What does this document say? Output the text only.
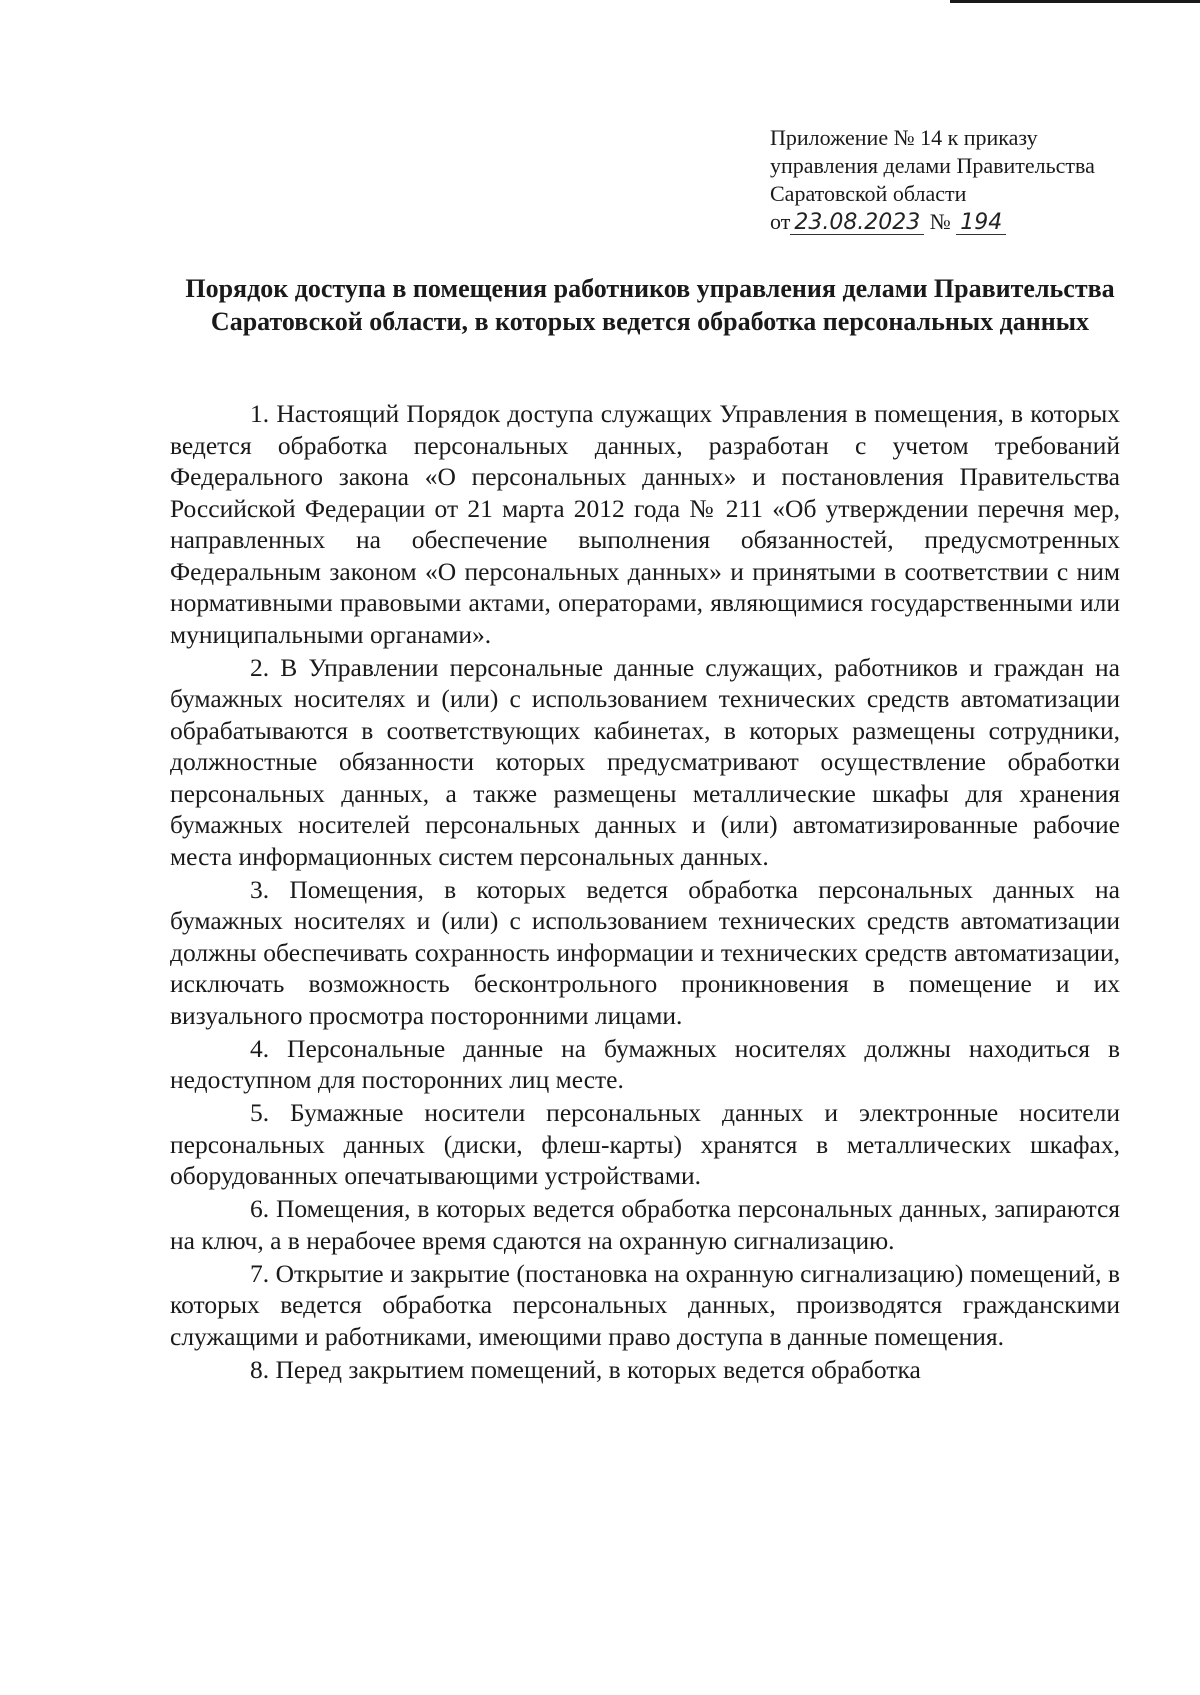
Приложение № 14 к приказу
управления делами Правительства
Саратовской области
от 23.08.2023 № 194
Порядок доступа в помещения работников управления делами Правительства Саратовской области, в которых ведется обработка персональных данных

1. Настоящий Порядок доступа служащих Управления в помещения, в которых ведется обработка персональных данных, разработан с учетом требований Федерального закона «О персональных данных» и постановления Правительства Российской Федерации от 21 марта 2012 года № 211 «Об утверждении перечня мер, направленных на обеспечение выполнения обязанностей, предусмотренных Федеральным законом «О персональных данных» и принятыми в соответствии с ним нормативными правовыми актами, операторами, являющимися государственными или муниципальными органами».

2. В Управлении персональные данные служащих, работников и граждан на бумажных носителях и (или) с использованием технических средств автоматизации обрабатываются в соответствующих кабинетах, в которых размещены сотрудники, должностные обязанности которых предусматривают осуществление обработки персональных данных, а также размещены металлические шкафы для хранения бумажных носителей персональных данных и (или) автоматизированные рабочие места информационных систем персональных данных.

3. Помещения, в которых ведется обработка персональных данных на бумажных носителях и (или) с использованием технических средств автоматизации должны обеспечивать сохранность информации и технических средств автоматизации, исключать возможность бесконтрольного проникновения в помещение и их визуального просмотра посторонними лицами.

4. Персональные данные на бумажных носителях должны находиться в недоступном для посторонних лиц месте.

5. Бумажные носители персональных данных и электронные носители персональных данных (диски, флеш-карты) хранятся в металлических шкафах, оборудованных опечатывающими устройствами.

6. Помещения, в которых ведется обработка персональных данных, запираются на ключ, а в нерабочее время сдаются на охранную сигнализацию.

7. Открытие и закрытие (постановка на охранную сигнализацию) помещений, в которых ведется обработка персональных данных, производятся гражданскими служащими и работниками, имеющими право доступа в данные помещения.

8. Перед закрытием помещений, в которых ведется обработка
